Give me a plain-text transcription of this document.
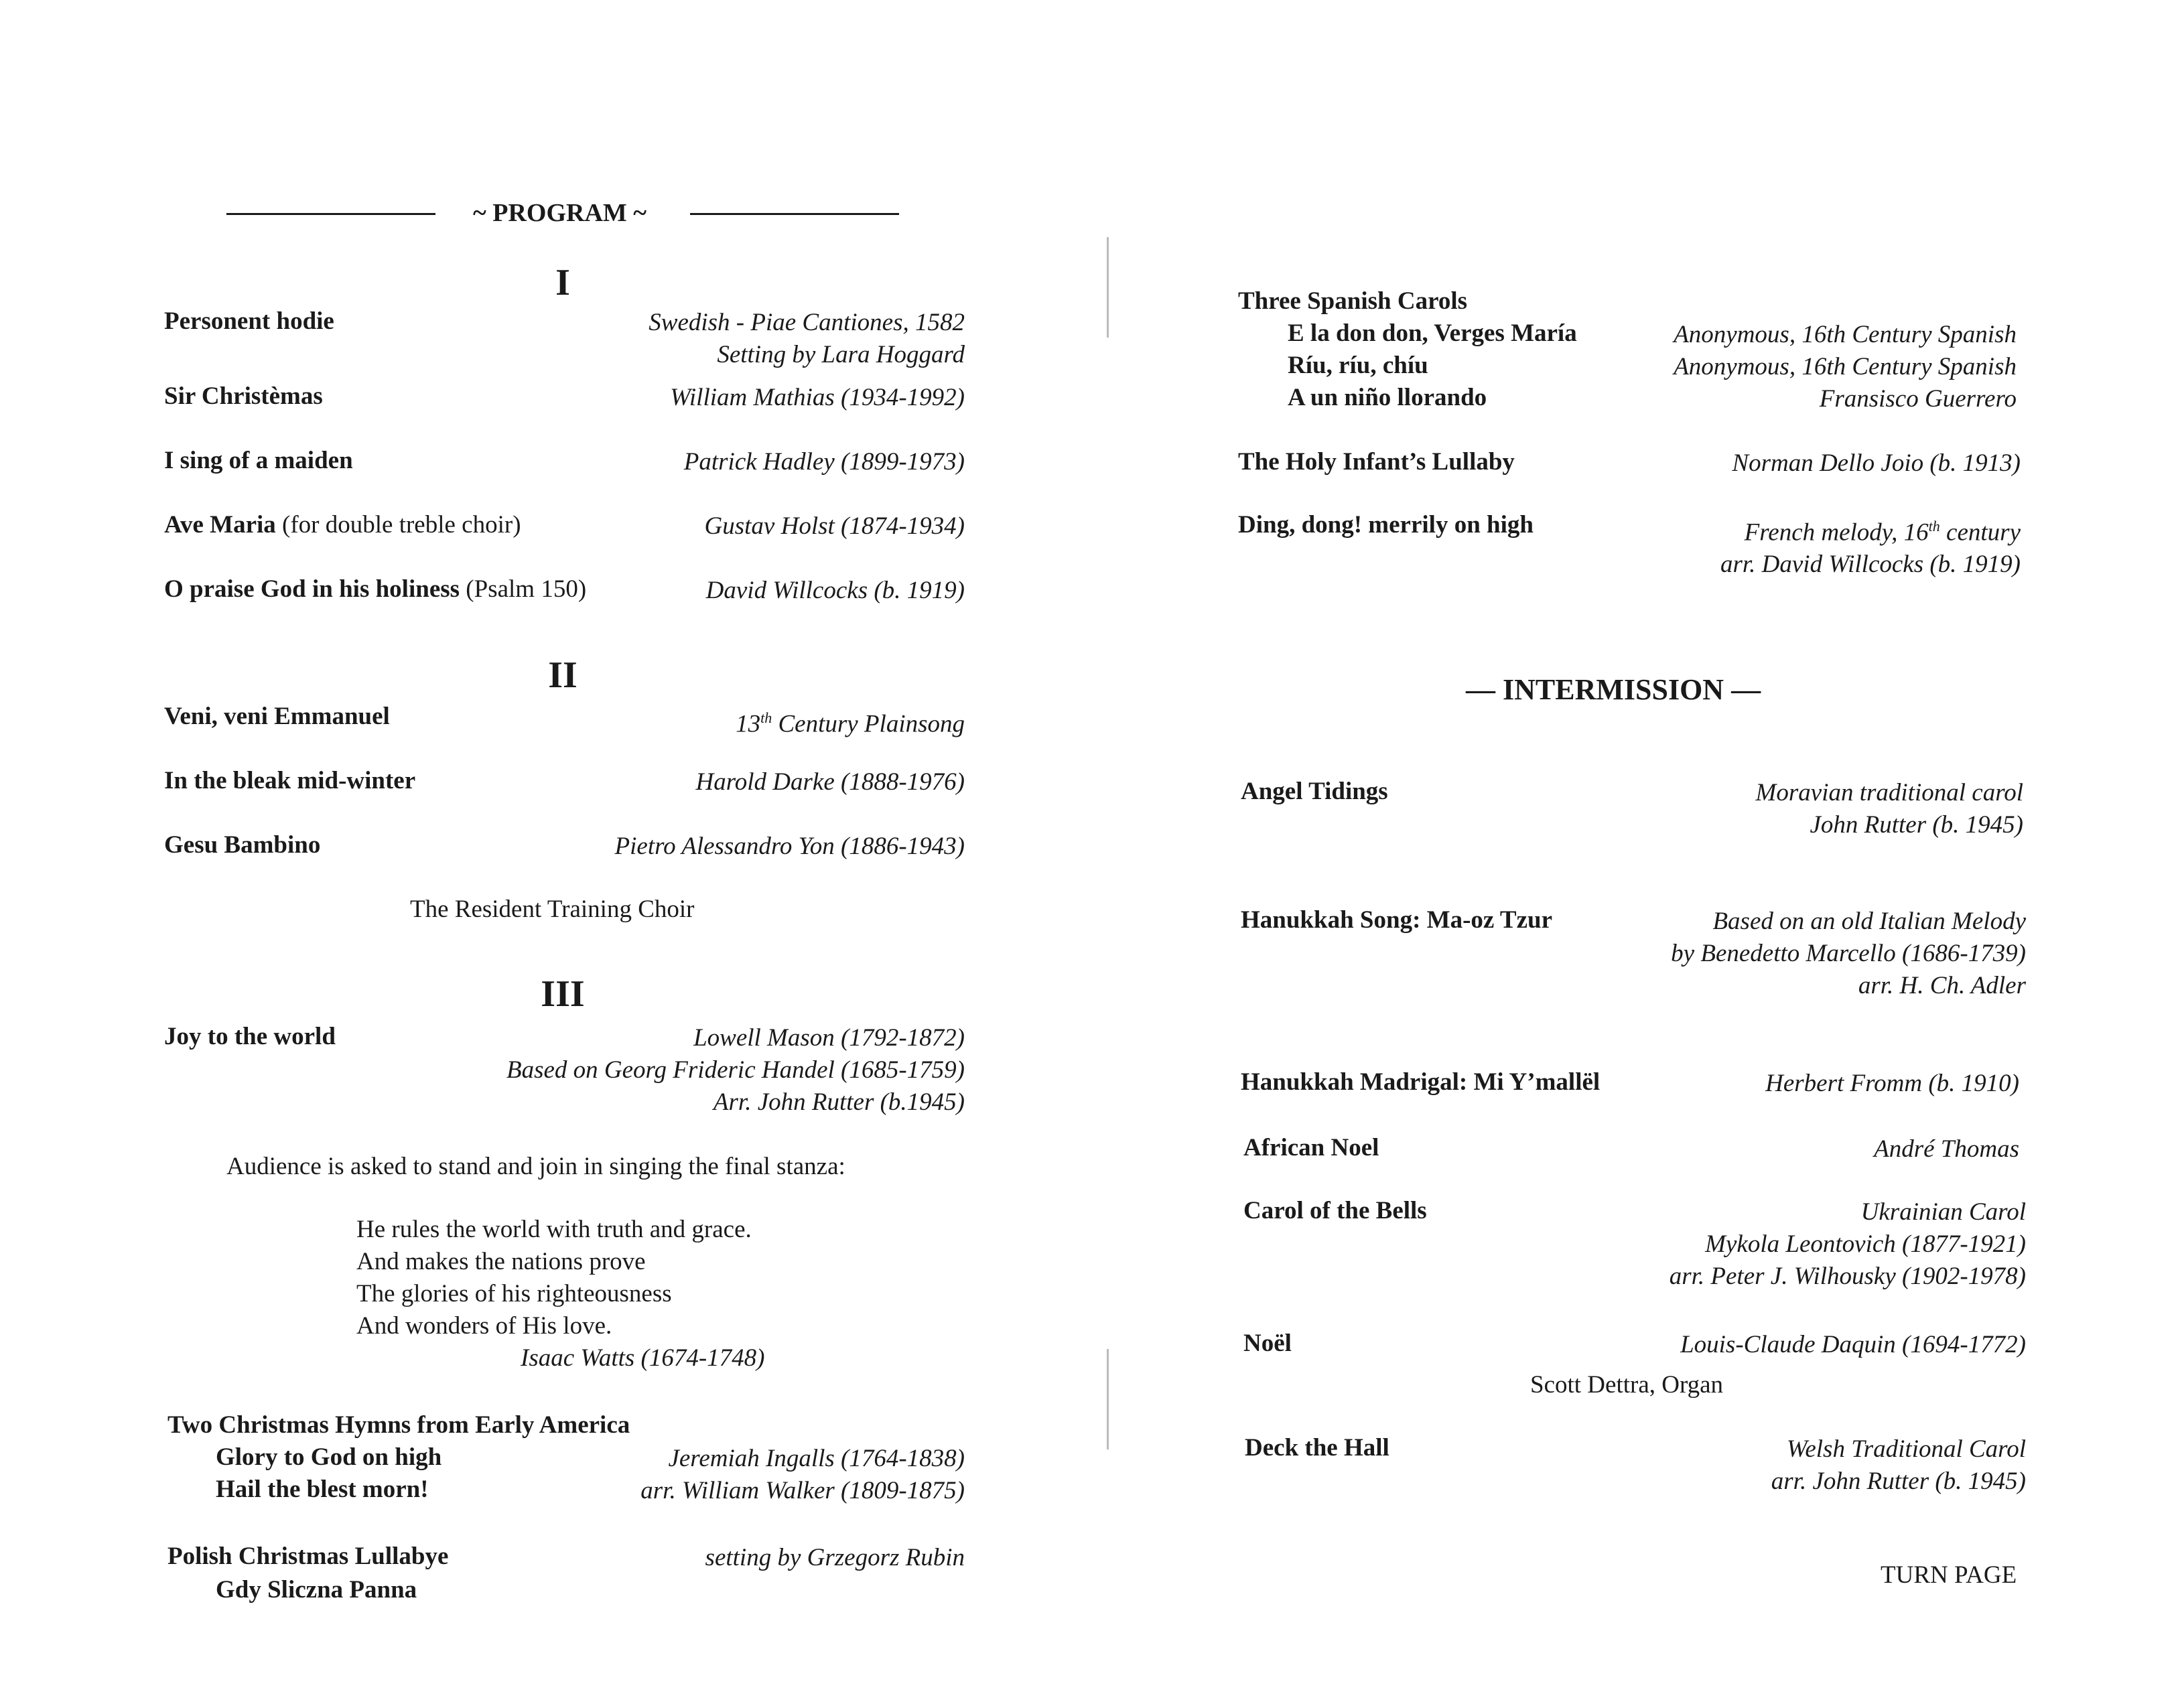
~ PROGRAM ~
I
Personent hodie	Swedish - Piae Cantiones, 1582
Setting by Lara Hoggard
Sir Christèmas	William Mathias (1934-1992)
I sing of a maiden	Patrick Hadley (1899-1973)
Ave Maria (for double treble choir)	Gustav Holst (1874-1934)
O praise God in his holiness (Psalm 150)	David Willcocks (b. 1919)
II
Veni, veni Emmanuel	13th Century Plainsong
In the bleak mid-winter	Harold Darke (1888-1976)
Gesu Bambino	Pietro Alessandro Yon (1886-1943)
The Resident Training Choir
III
Joy to the world	Lowell Mason (1792-1872)
Based on Georg Frideric Handel (1685-1759)
Arr. John Rutter (b.1945)
Audience is asked to stand and join in singing the final stanza:
He rules the world with truth and grace.
And makes the nations prove
The glories of his righteousness
And wonders of His love.
Isaac Watts (1674-1748)
Two Christmas Hymns from Early America
Glory to God on high	Jeremiah Ingalls (1764-1838)
Hail the blest morn!	arr. William Walker (1809-1875)
Polish Christmas Lullabye	setting by Grzegorz Rubin
Gdy Sliczna Panna
Three Spanish Carols
E la don don, Verges María	Anonymous, 16th Century Spanish
Ríu, ríu, chíu	Anonymous, 16th Century Spanish
A un niño llorando	Fransisco Guerrero
The Holy Infant’s Lullaby	Norman Dello Joio (b. 1913)
Ding, dong! merrily on high	French melody, 16th century
arr. David Willcocks (b. 1919)
— INTERMISSION —
Angel Tidings	Moravian traditional carol
John Rutter (b. 1945)
Hanukkah Song: Ma-oz Tzur	Based on an old Italian Melody
by Benedetto Marcello (1686-1739)
arr. H. Ch. Adler
Hanukkah Madrigal: Mi Y’mallël	Herbert Fromm (b. 1910)
African Noel	André Thomas
Carol of the Bells	Ukrainian Carol
Mykola Leontovich (1877-1921)
arr. Peter J. Wilhousky (1902-1978)
Noël	Louis-Claude Daquin (1694-1772)
Scott Dettra, Organ
Deck the Hall	Welsh Traditional Carol
arr. John Rutter (b. 1945)
TURN PAGE
